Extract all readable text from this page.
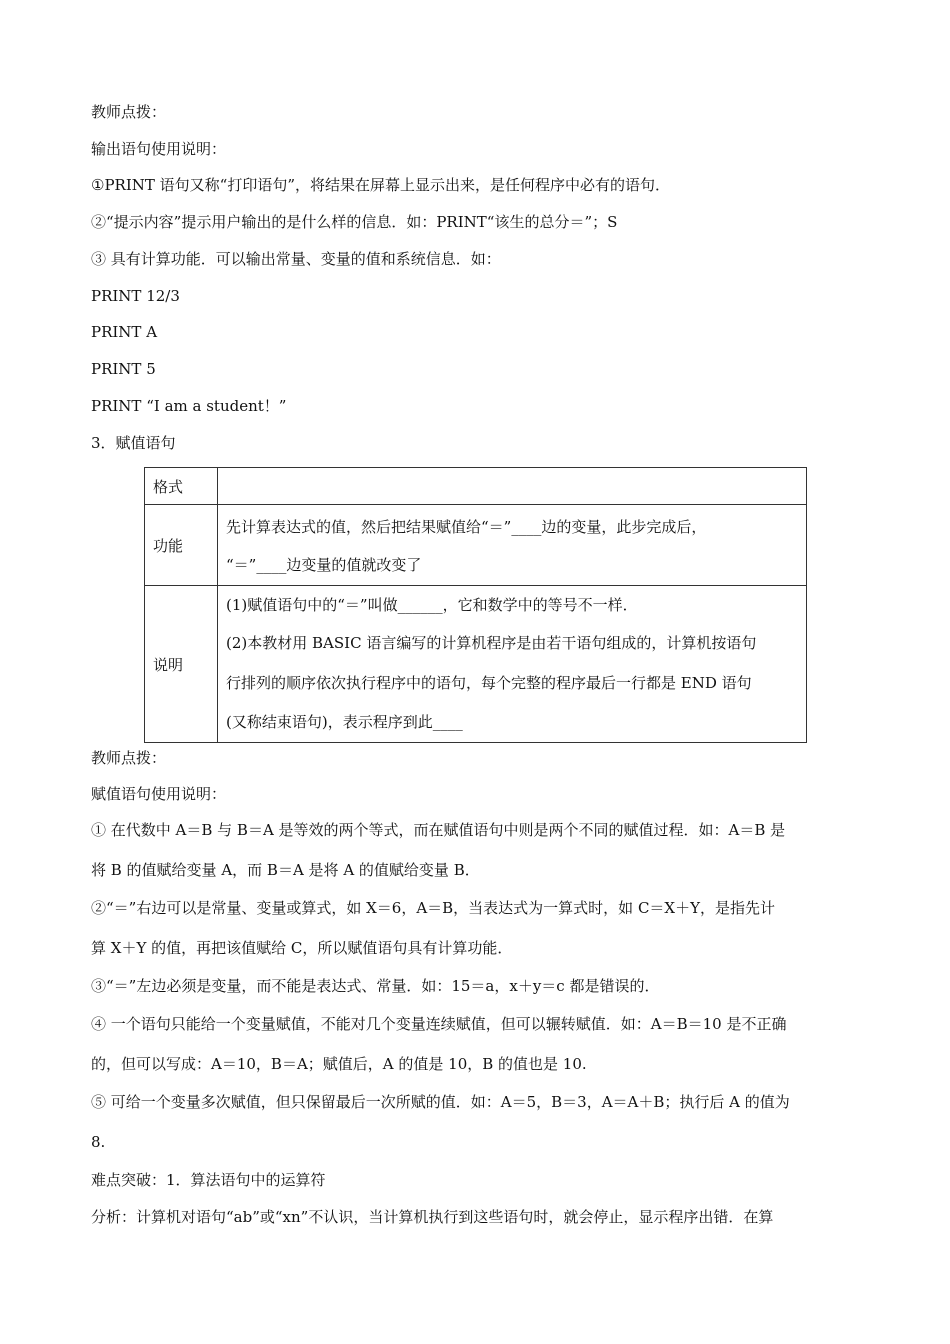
教师点拨：
输出语句使用说明：
①PRINT 语句又称“打印语句”，将结果在屏幕上显示出来，是任何程序中必有的语句．
②“提示内容”提示用户输出的是什么样的信息．如：PRINT“该生的总分＝”；S
③ 具有计算功能．可以输出常量、变量的值和系统信息．如：
PRINT 12/3
PRINT A
PRINT 5
PRINT “I am a student！”
3．赋值语句
格式	
功能	先计算表达式的值，然后把结果赋值给“＝”____边的变量，此步完成后，
“＝”____边变量的值就改变了

说明	(1)赋值语句中的“＝”叫做______，它和数学中的等号不一样．
(2)本教材用 BASIC 语言编写的计算机程序是由若干语句组成的，计算机按语句
行排列的顺序依次执行程序中的语句，每个完整的程序最后一行都是 END 语句
(又称结束语句)，表示程序到此____
教师点拨：
赋值语句使用说明：
① 在代数中 A＝B 与 B＝A 是等效的两个等式，而在赋值语句中则是两个不同的赋值过程．如：A＝B 是
将 B 的值赋给变量 A，而 B＝A 是将 A 的值赋给变量 B．
②“＝”右边可以是常量、变量或算式，如 X＝6，A＝B，当表达式为一算式时，如 C＝X＋Y，是指先计
算 X＋Y 的值，再把该值赋给 C，所以赋值语句具有计算功能．
③“＝”左边必须是变量，而不能是表达式、常量．如：15＝a，x＋y＝c 都是错误的．
④ 一个语句只能给一个变量赋值，不能对几个变量连续赋值，但可以辗转赋值．如：A＝B＝10 是不正确
的，但可以写成：A＝10，B＝A；赋值后，A 的值是 10，B 的值也是 10.
⑤ 可给一个变量多次赋值，但只保留最后一次所赋的值．如：A＝5，B＝3，A＝A＋B；执行后 A 的值为
8.
难点突破：1．算法语句中的运算符
分析：计算机对语句“ab”或“xn”不认识，当计算机执行到这些语句时，就会停止，显示程序出错．在算
